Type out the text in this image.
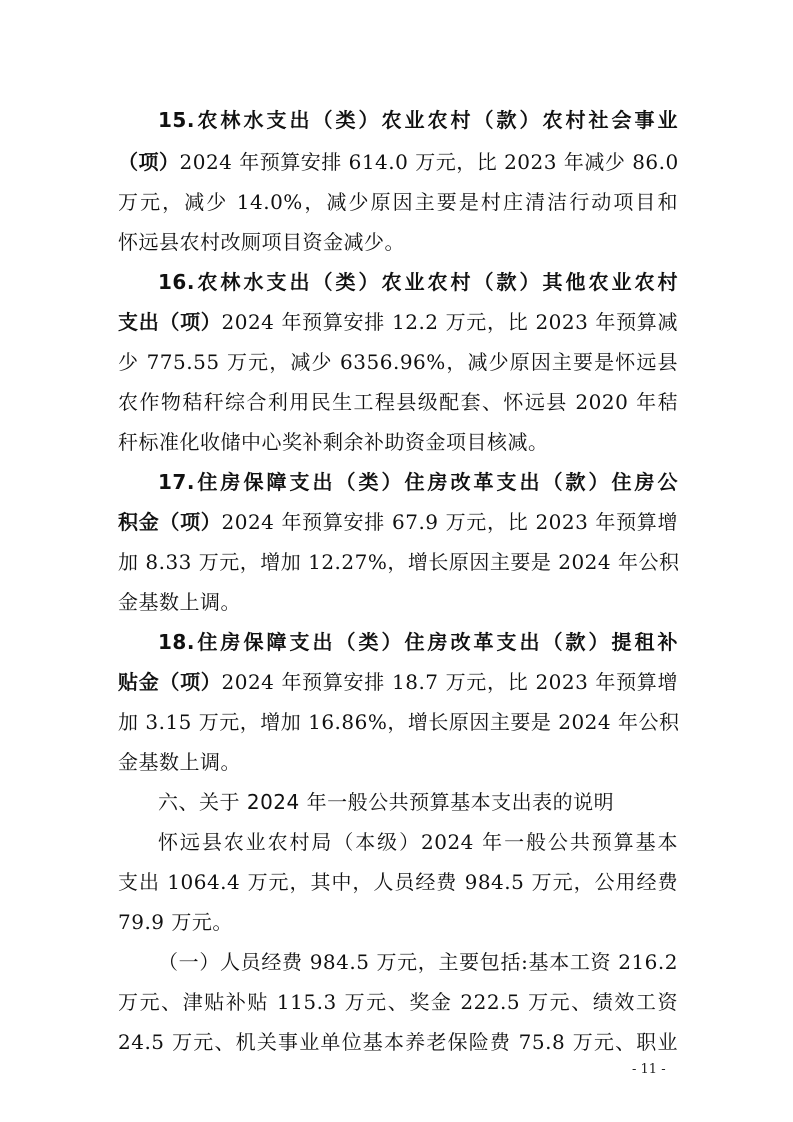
15.农林水支出（类）农业农村（款）农村社会事业
（项）2024 年预算安排 614.0 万元，比 2023 年减少 86.0
万元，减少 14.0%，减少原因主要是村庄清洁行动项目和
怀远县农村改厕项目资金减少。
16.农林水支出（类）农业农村（款）其他农业农村
支出（项）2024 年预算安排 12.2 万元，比 2023 年预算减
少 775.55 万元，减少 6356.96%，减少原因主要是怀远县
农作物秸秆综合利用民生工程县级配套、怀远县 2020 年秸
秆标准化收储中心奖补剩余补助资金项目核减。
17.住房保障支出（类）住房改革支出（款）住房公
积金（项）2024 年预算安排 67.9 万元，比 2023 年预算增
加 8.33 万元，增加 12.27%，增长原因主要是 2024 年公积
金基数上调。
18.住房保障支出（类）住房改革支出（款）提租补
贴金（项）2024 年预算安排 18.7 万元，比 2023 年预算增
加 3.15 万元，增加 16.86%，增长原因主要是 2024 年公积
金基数上调。
六、关于 2024 年一般公共预算基本支出表的说明
怀远县农业农村局（本级）2024 年一般公共预算基本
支出 1064.4 万元，其中，人员经费 984.5 万元，公用经费
79.9 万元。
（一）人员经费 984.5 万元，主要包括:基本工资 216.2
万元、津贴补贴 115.3 万元、奖金 222.5 万元、绩效工资
24.5 万元、机关事业单位基本养老保险费 75.8 万元、职业
- 11 -
